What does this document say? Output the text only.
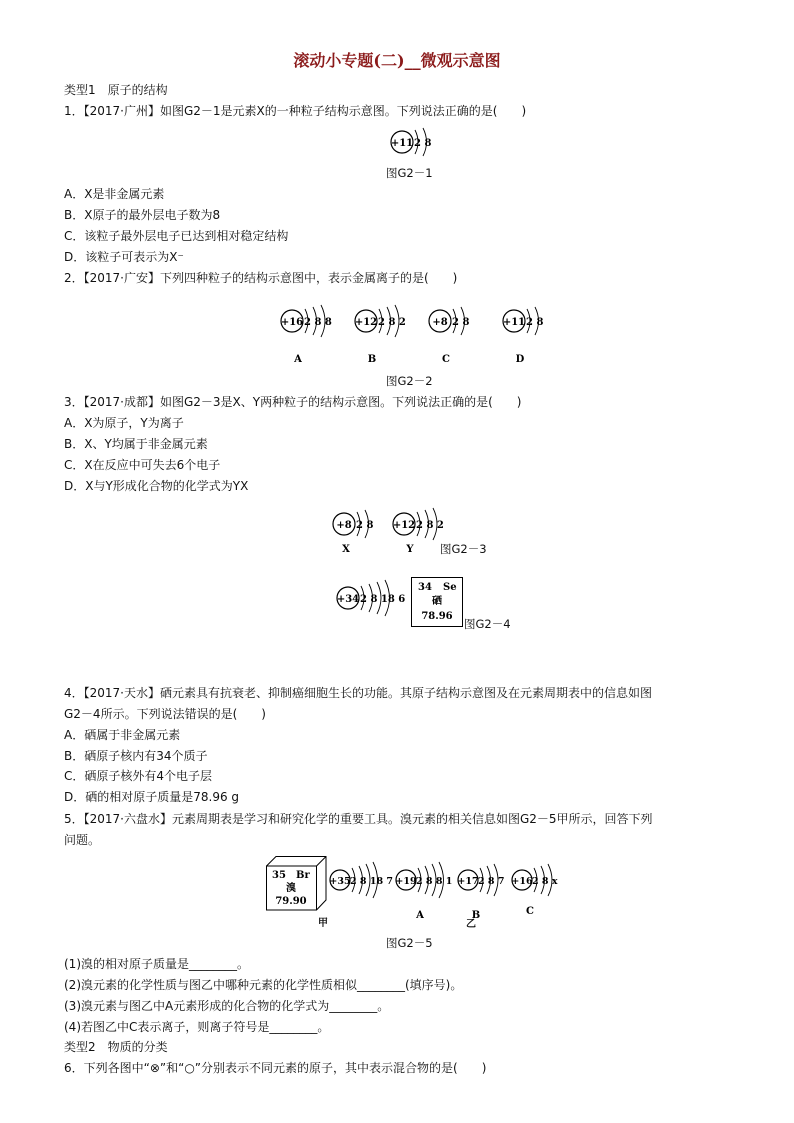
滚动小专题(二)__微观示意图
类型1　原子的结构
1．【2017·广州】如图G2－1是元素X的一种粒子结构示意图。下列说法正确的是(　　)
+11 2 8
图G2－1
A．X是非金属元素
B．X原子的最外层电子数为8
C．该粒子最外层电子已达到相对稳定结构
D．该粒子可表示为X⁻
2．【2017·广安】下列四种粒子的结构示意图中，表示金属离子的是(　　)
+16 2 8 8
A
+12 2 8 2
B
+8 2 8
C
+11 2 8
D
图G2－2
3．【2017·成都】如图G2－3是X、Y两种粒子的结构示意图。下列说法正确的是(　　)
A．X为原子，Y为离子
B．X、Y均属于非金属元素
C．X在反应中可失去6个电子
D．X与Y形成化合物的化学式为YX
+8 2 8
X
+12 2 8 2
Y 图G2－3
+34 2 8 18 6
34 Se
硒
78.96
图G2－4
4．【2017·天水】硒元素具有抗衰老、抑制癌细胞生长的功能。其原子结构示意图及在元素周期表中的信息如图
G2－4所示。下列说法错误的是(　　)
A．硒属于非金属元素
B．硒原子核内有34个质子
C．硒原子核外有4个电子层
D．硒的相对原子质量是78.96 g
5．【2017·六盘水】元素周期表是学习和研究化学的重要工具。溴元素的相关信息如图G2－5甲所示，回答下列
问题。
35 Br
溴
79.90
+35 2 8 18 7 +19 2 8 8 1
A
+17 2 8 7
B
+16 2 8 x
C
甲	乙
图G2－5
(1)溴的相对原子质量是________。
(2)溴元素的化学性质与图乙中哪种元素的化学性质相似________(填序号)。
(3)溴元素与图乙中A元素形成的化合物的化学式为________。
(4)若图乙中C表示离子，则离子符号是________。
类型2　物质的分类
6．下列各图中“⊗”和“○”分别表示不同元素的原子，其中表示混合物的是(　　)
